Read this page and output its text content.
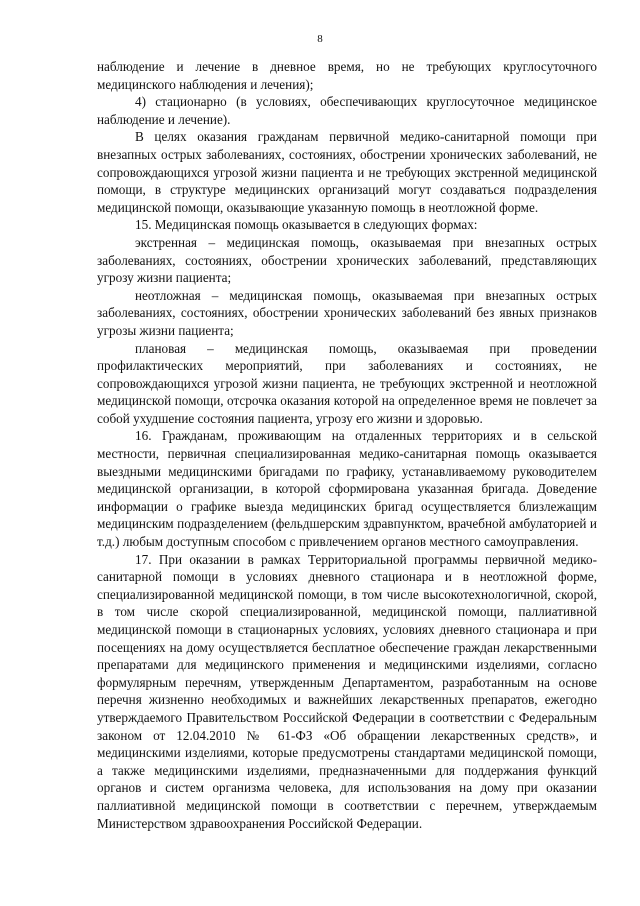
8

наблюдение и лечение в дневное время, но не требующих круглосуточного медицинского наблюдения и лечения);

4) стационарно (в условиях, обеспечивающих круглосуточное медицинское наблюдение и лечение).

В целях оказания гражданам первичной медико-санитарной помощи при внезапных острых заболеваниях, состояниях, обострении хронических заболеваний, не сопровождающихся угрозой жизни пациента и не требующих экстренной медицинской помощи, в структуре медицинских организаций могут создаваться подразделения медицинской помощи, оказывающие указанную помощь в неотложной форме.

15. Медицинская помощь оказывается в следующих формах:

экстренная – медицинская помощь, оказываемая при внезапных острых заболеваниях, состояниях, обострении хронических заболеваний, представляющих угрозу жизни пациента;

неотложная – медицинская помощь, оказываемая при внезапных острых заболеваниях, состояниях, обострении хронических заболеваний без явных признаков угрозы жизни пациента;

плановая – медицинская помощь, оказываемая при проведении профилактических мероприятий, при заболеваниях и состояниях, не сопровождающихся угрозой жизни пациента, не требующих экстренной и неотложной медицинской помощи, отсрочка оказания которой на определенное время не повлечет за собой ухудшение состояния пациента, угрозу его жизни и здоровью.

16. Гражданам, проживающим на отдаленных территориях и в сельской местности, первичная специализированная медико-санитарная помощь оказывается выездными медицинскими бригадами по графику, устанавливаемому руководителем медицинской организации, в которой сформирована указанная бригада. Доведение информации о графике выезда медицинских бригад осуществляется близлежащим медицинским подразделением (фельдшерским здравпунктом, врачебной амбулаторией и т.д.) любым доступным способом с привлечением органов местного самоуправления.

17. При оказании в рамках Территориальной программы первичной медико-санитарной помощи в условиях дневного стационара и в неотложной форме, специализированной медицинской помощи, в том числе высокотехнологичной, скорой, в том числе скорой специализированной, медицинской помощи, паллиативной медицинской помощи в стационарных условиях, условиях дневного стационара и при посещениях на дому осуществляется бесплатное обеспечение граждан лекарственными препаратами для медицинского применения и медицинскими изделиями, согласно формулярным перечням, утвержденным Департаментом, разработанным на основе перечня жизненно необходимых и важнейших лекарственных препаратов, ежегодно утверждаемого Правительством Российской Федерации в соответствии с Федеральным законом от 12.04.2010 № 61-ФЗ «Об обращении лекарственных средств», и медицинскими изделиями, которые предусмотрены стандартами медицинской помощи, а также медицинскими изделиями, предназначенными для поддержания функций органов и систем организма человека, для использования на дому при оказании паллиативной медицинской помощи в соответствии с перечнем, утверждаемым Министерством здравоохранения Российской Федерации.
